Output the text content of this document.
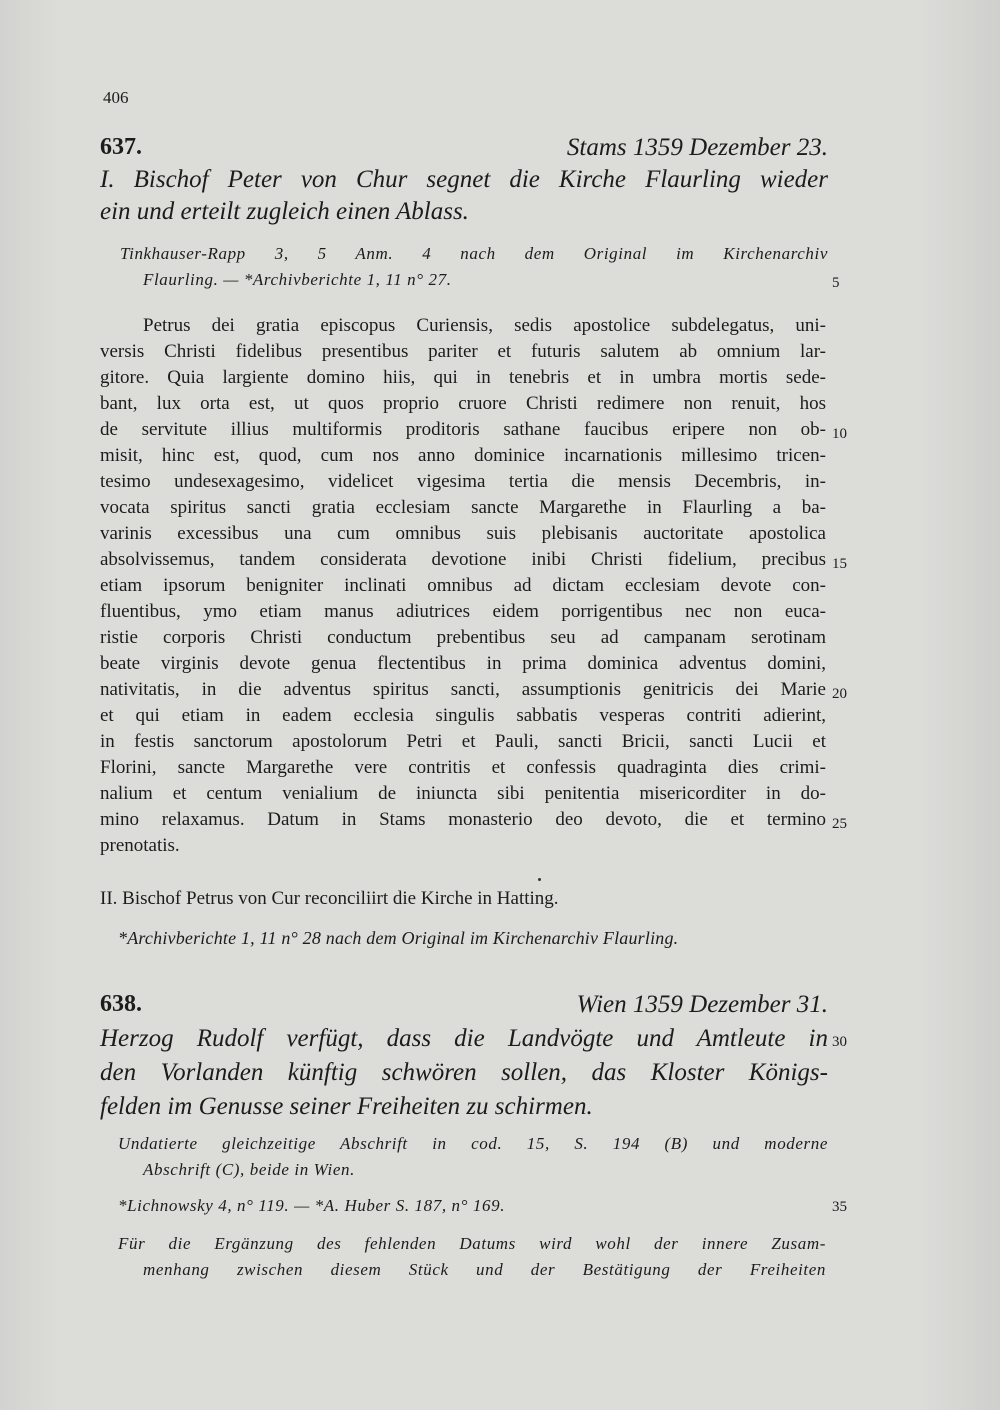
406
637.	Stams 1359 Dezember 23.
I. Bischof Peter von Chur segnet die Kirche Flaurling wieder
ein und erteilt zugleich einen Ablass.
Tinkhauser-Rapp 3, 5 Anm. 4 nach dem Original im Kirchenarchiv
Flaurling. — *Archivberichte 1, 11 n° 27.
Petrus dei gratia episcopus Curiensis, sedis apostolice subdelegatus, uni-
versis Christi fidelibus presentibus pariter et futuris salutem ab omnium lar-
gitore. Quia largiente domino hiis, qui in tenebris et in umbra mortis sede-
bant, lux orta est, ut quos proprio cruore Christi redimere non renuit, hos
de servitute illius multiformis proditoris sathane faucibus eripere non ob-
misit, hinc est, quod, cum nos anno dominice incarnationis millesimo tricen-
tesimo undesexagesimo, videlicet vigesima tertia die mensis Decembris, in-
vocata spiritus sancti gratia ecclesiam sancte Margarethe in Flaurling a ba-
varinis excessibus una cum omnibus suis plebisanis auctoritate apostolica
absolvissemus, tandem considerata devotione inibi Christi fidelium, precibus
etiam ipsorum benigniter inclinati omnibus ad dictam ecclesiam devote con-
fluentibus, ymo etiam manus adiutrices eidem porrigentibus nec non euca-
ristie corporis Christi conductum prebentibus seu ad campanam serotinam
beate virginis devote genua flectentibus in prima dominica adventus domini,
nativitatis, in die adventus spiritus sancti, assumptionis genitricis dei Marie
et qui etiam in eadem ecclesia singulis sabbatis vesperas contriti adierint,
in festis sanctorum apostolorum Petri et Pauli, sancti Bricii, sancti Lucii et
Florini, sancte Margarethe vere contritis et confessis quadraginta dies crimi-
nalium et centum venialium de iniuncta sibi penitentia misericorditer in do-
mino relaxamus. Datum in Stams monasterio deo devoto, die et termino
prenotatis.
II. Bischof Petrus von Cur reconciliirt die Kirche in Hatting.
*Archivberichte 1, 11 n° 28 nach dem Original im Kirchenarchiv Flaurling.
638.	Wien 1359 Dezember 31.
Herzog Rudolf verfügt, dass die Landvögte und Amtleute in
den Vorlanden künftig schwören sollen, das Kloster Königs-
felden im Genusse seiner Freiheiten zu schirmen.
Undatierte gleichzeitige Abschrift in cod. 15, S. 194 (B) und moderne
Abschrift (C), beide in Wien.
*Lichnowsky 4, n° 119. — *A. Huber S. 187, n° 169.
Für die Ergänzung des fehlenden Datums wird wohl der innere Zusam-
menhang zwischen diesem Stück und der Bestätigung der Freiheiten
5
10
15
20
25
30
35
